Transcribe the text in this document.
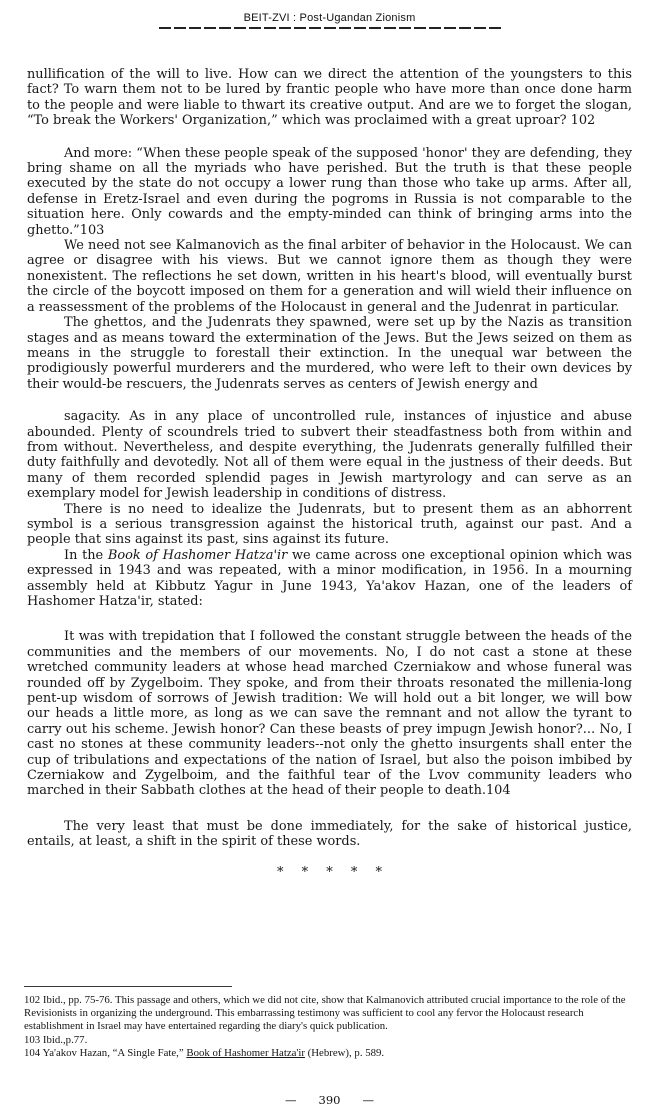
BEIT-ZVI : Post-Ugandan Zionism

nullification of the will to live. How can we direct the attention of the youngsters to this fact? To warn them not to be lured by frantic people who have more than once done harm to the people and were liable to thwart its creative output. And are we to forget the slogan, “To break the Workers' Organization,” which was proclaimed with a great uproar? 102

And more: “When these people speak of the supposed 'honor' they are defending, they bring shame on all the myriads who have perished. But the truth is that these people executed by the state do not occupy a lower rung than those who take up arms. After all, defense in Eretz-Israel and even during the pogroms in Russia is not comparable to the situation here. Only cowards and the empty-minded can think of bringing arms into the ghetto.”103

We need not see Kalmanovich as the final arbiter of behavior in the Holocaust. We can agree or disagree with his views. But we cannot ignore them as though they were nonexistent. The reflections he set down, written in his heart's blood, will eventually burst the circle of the boycott imposed on them for a generation and will wield their influence on a reassessment of the problems of the Holocaust in general and the Judenrat in particular.

The ghettos, and the Judenrats they spawned, were set up by the Nazis as transition stages and as means toward the extermination of the Jews. But the Jews seized on them as means in the struggle to forestall their extinction. In the unequal war between the prodigiously powerful murderers and the murdered, who were left to their own devices by their would-be rescuers, the Judenrats serves as centers of Jewish energy and

sagacity. As in any place of uncontrolled rule, instances of injustice and abuse abounded. Plenty of scoundrels tried to subvert their steadfastness both from within and from without. Nevertheless, and despite everything, the Judenrats generally fulfilled their duty faithfully and devotedly. Not all of them were equal in the justness of their deeds. But many of them recorded splendid pages in Jewish martyrology and can serve as an exemplary model for Jewish leadership in conditions of distress.

There is no need to idealize the Judenrats, but to present them as an abhorrent symbol is a serious transgression against the historical truth, against our past. And a people that sins against its past, sins against its future.

In the Book of Hashomer Hatza'ir we came across one exceptional opinion which was expressed in 1943 and was repeated, with a minor modification, in 1956. In a mourning assembly held at Kibbutz Yagur in June 1943, Ya'akov Hazan, one of the leaders of Hashomer Hatza'ir, stated:

It was with trepidation that I followed the constant struggle between the heads of the communities and the members of our movements. No, I do not cast a stone at these wretched community leaders at whose head marched Czerniakow and whose funeral was rounded off by Zygelboim. They spoke, and from their throats resonated the millenia-long pent-up wisdom of sorrows of Jewish tradition: We will hold out a bit longer, we will bow our heads a little more, as long as we can save the remnant and not allow the tyrant to carry out his scheme. Jewish honor? Can these beasts of prey impugn Jewish honor?... No, I cast no stones at these community leaders--not only the ghetto insurgents shall enter the cup of tribulations and expectations of the nation of Israel, but also the poison imbibed by Czerniakow and Zygelboim, and the faithful tear of the Lvov community leaders who marched in their Sabbath clothes at the head of their people to death.104

The very least that must be done immediately, for the sake of historical justice, entails, at least, a shift in the spirit of these words.

* * * * *

102 Ibid., pp. 75-76. This passage and others, which we did not cite, show that Kalmanovich attributed crucial importance to the role of the Revisionists in organizing the underground. This embarrassing testimony was sufficient to cool any fervor the Holocaust research establishment in Israel may have entertained regarding the diary's quick publication.

103 Ibid.,p.77.

104 Ya'akov Hazan, “A Single Fate,” Book of Hashomer Hatza'ir (Hebrew), p. 589.

— 390 —
